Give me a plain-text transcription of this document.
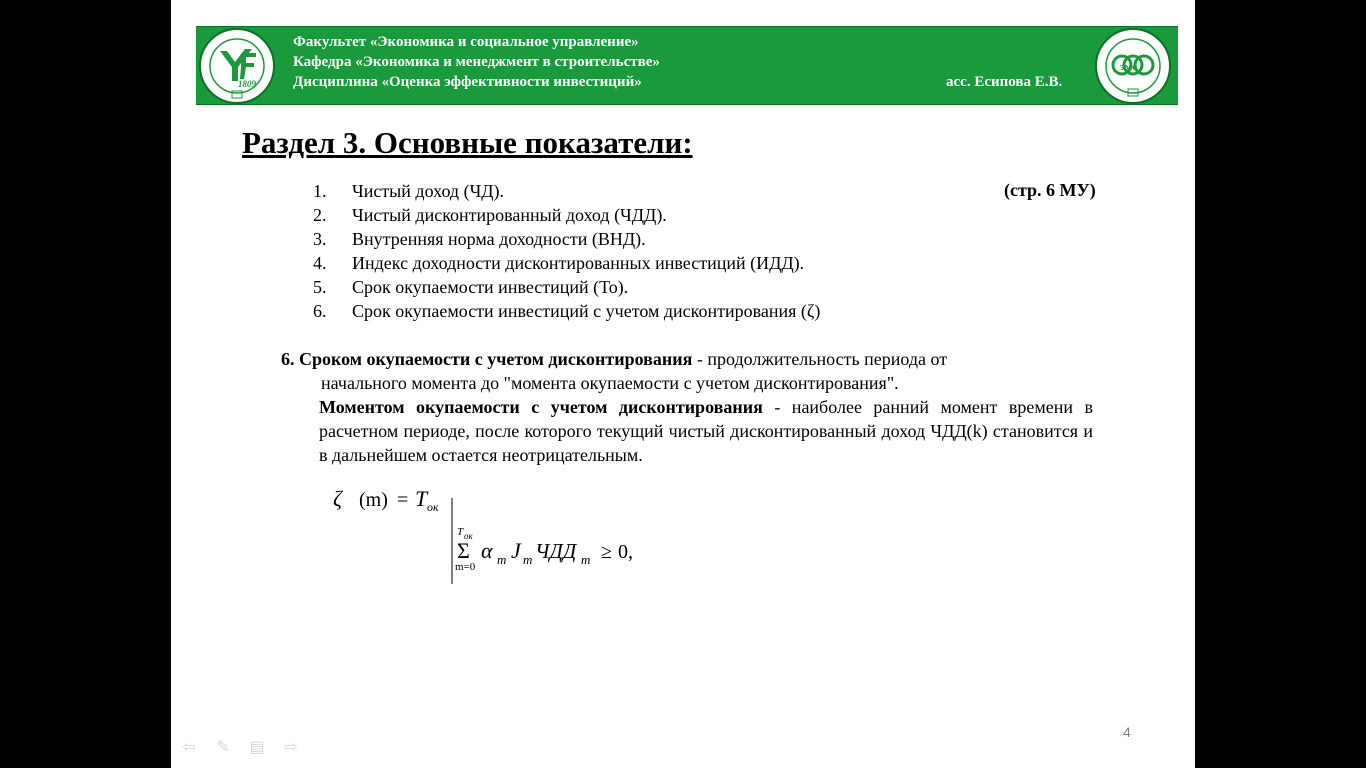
1809
Факультет «Экономика и социальное управление»
Кафедра «Экономика и менеджмент в строительстве»
Дисциплина «Оценка эффективности инвестиций»	асс. Есипова Е.В.
эмс
Раздел 3. Основные показатели:
(стр. 6 МУ)
1. Чистый доход (ЧД).
2. Чистый дисконтированный доход (ЧДД).
3. Внутренняя норма доходности (ВНД).
4. Индекс доходности дисконтированных инвестиций (ИДД).
5. Срок окупаемости инвестиций (То).
6. Срок окупаемости инвестиций с учетом дисконтирования (ζ)

6. Сроком окупаемости с учетом дисконтирования - продолжительность периода от
начального момента до "момента окупаемости с учетом дисконтирования".

Моментом окупаемости с учетом дисконтирования - наиболее ранний момент времени в расчетном периоде, после которого текущий чистый дисконтированный доход ЧДД(k) становится и в дальнейшем остается неотрицательным.

ζ (m) = T ок
T ок
Σ
m=0
α m J m ЧДД m ≥ 0,
4
⇦ ✎ ▤ ⇨
